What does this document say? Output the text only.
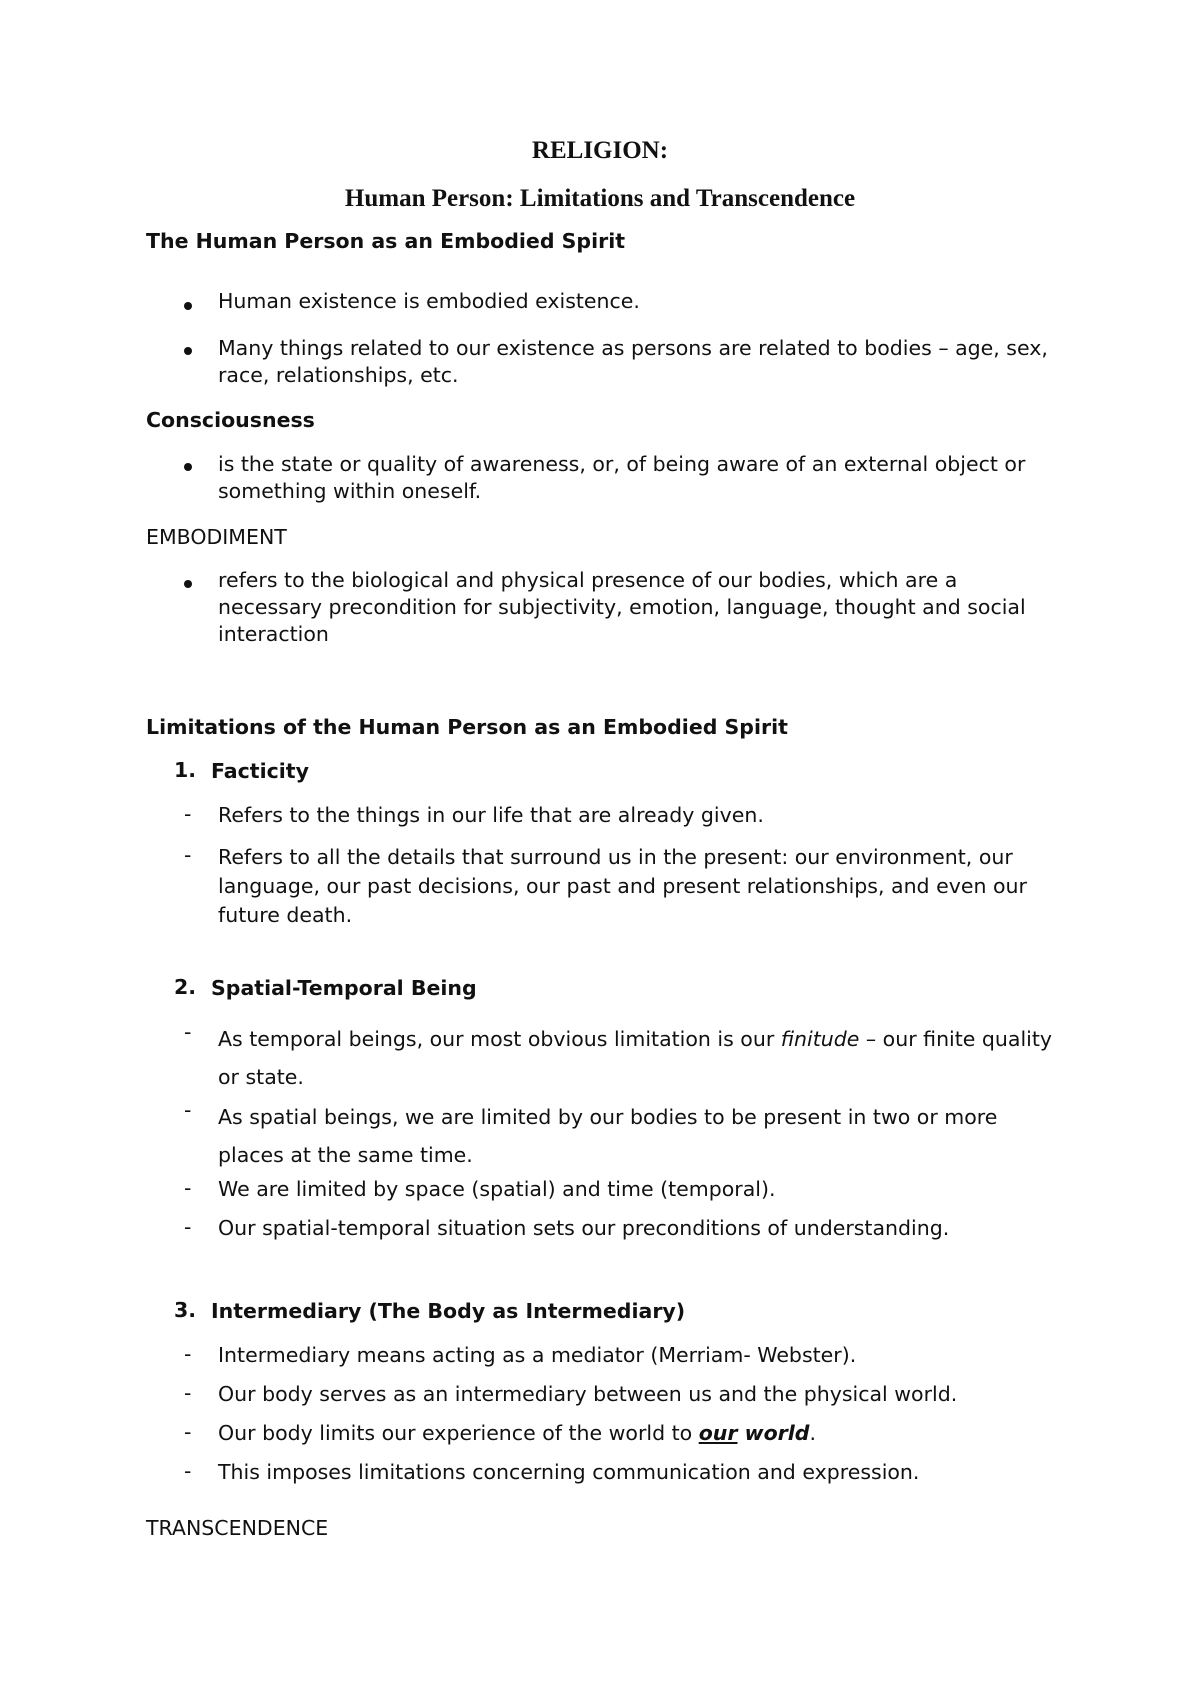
RELIGION:
Human Person: Limitations and Transcendence
The Human Person as an Embodied Spirit
Human existence is embodied existence.
Many things related to our existence as persons are related to bodies – age, sex, race, relationships, etc.
Consciousness
is the state or quality of awareness, or, of being aware of an external object or something within oneself.
EMBODIMENT
refers to the biological and physical presence of our bodies, which are a necessary precondition for subjectivity, emotion, language, thought and social interaction
Limitations of the Human Person as an Embodied Spirit
1. Facticity
- Refers to the things in our life that are already given.
- Refers to all the details that surround us in the present: our environment, our language, our past decisions, our past and present relationships, and even our future death.
2. Spatial-Temporal Being
- As temporal beings, our most obvious limitation is our finitude – our finite quality or state.
- As spatial beings, we are limited by our bodies to be present in two or more places at the same time.
- We are limited by space (spatial) and time (temporal).
- Our spatial-temporal situation sets our preconditions of understanding.
3. Intermediary (The Body as Intermediary)
- Intermediary means acting as a mediator (Merriam- Webster).
- Our body serves as an intermediary between us and the physical world.
- Our body limits our experience of the world to our world.
- This imposes limitations concerning communication and expression.
TRANSCENDENCE
